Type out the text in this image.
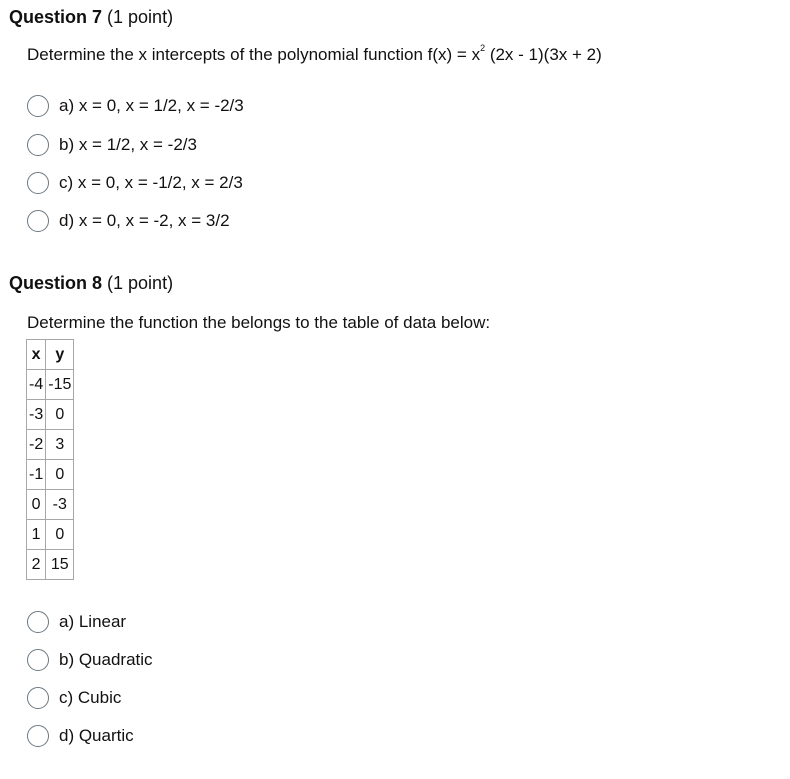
Question 7 (1 point)
Determine the x intercepts of the polynomial function $f(x) = x^2$ (2x - 1)(3x + 2)
a) x = 0, x = 1/2, x = -2/3
b) x = 1/2, x = -2/3
c) x = 0, x = -1/2, x = 2/3
d) x = 0, x = -2, x = 3/2
Question 8 (1 point)
Determine the function the belongs to the table of data below:
x	y
-4	-15
-3	0
-2	3
-1	0
0	-3
1	0
2	15
a) Linear
b) Quadratic
c) Cubic
d) Quartic
